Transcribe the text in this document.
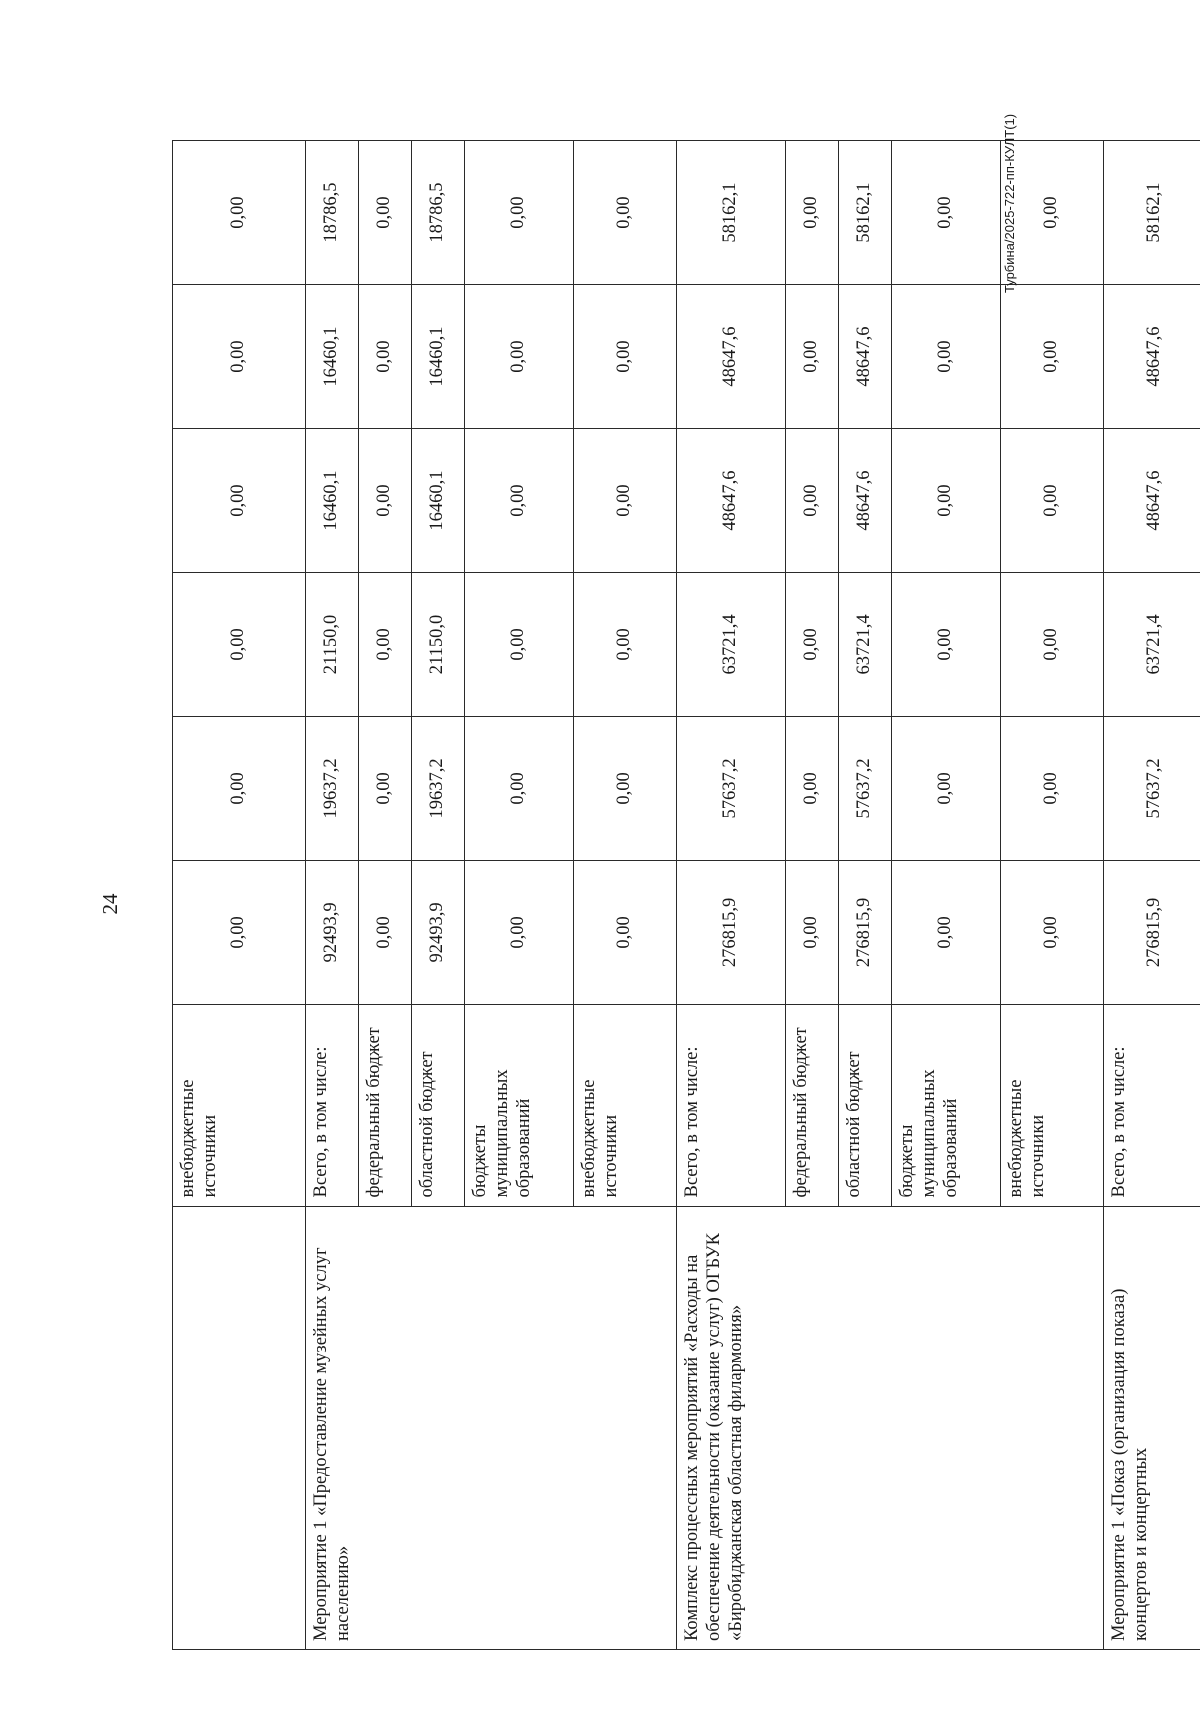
24
	внебюджетные источники	0,00	0,00	0,00	0,00	0,00	0,00
Мероприятие 1 «Предоставление музейных услуг населению»	Всего, в том числе:	92493,9	19637,2	21150,0	16460,1	16460,1	18786,5
	федеральный бюджет	0,00	0,00	0,00	0,00	0,00	0,00
	областной бюджет	92493,9	19637,2	21150,0	16460,1	16460,1	18786,5
	бюджеты муниципальных образований	0,00	0,00	0,00	0,00	0,00	0,00
	внебюджетные источники	0,00	0,00	0,00	0,00	0,00	0,00
Комплекс процессных мероприятий «Расходы на обеспечение деятельности (оказание услуг) ОГБУК «Биробиджанская областная филармония»	Всего, в том числе:	276815,9	57637,2	63721,4	48647,6	48647,6	58162,1
	федеральный бюджет	0,00	0,00	0,00	0,00	0,00	0,00
	областной бюджет	276815,9	57637,2	63721,4	48647,6	48647,6	58162,1
	бюджеты муниципальных образований	0,00	0,00	0,00	0,00	0,00	0,00
	внебюджетные источники	0,00	0,00	0,00	0,00	0,00	0,00
Мероприятие 1 «Показ (организация показа) концертов и концертных	Всего, в том числе:	276815,9	57637,2	63721,4	48647,6	48647,6	58162,1
Турбина/2025-722-пп-КУЛТ(1)
